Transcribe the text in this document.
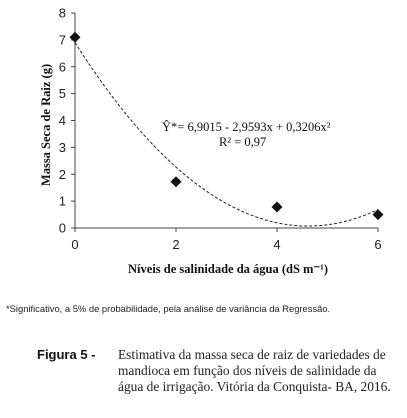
0
1
2
3
4
5
6
7
8
0	2	4	6
Massa Seca de Raiz (g)
Níveis de salinidade da água (dS m⁻¹)
Ŷ*= 6,9015 - 2,9593x + 0,3206x²
R² = 0,97
*Significativo, a 5% de probabilidade, pela análise de variância da Regressão.
Figura 5 - Estimativa da massa seca de raiz de variedades de mandioca em função dos níveis de salinidade da água de irrigação. Vitória da Conquista- BA, 2016.
